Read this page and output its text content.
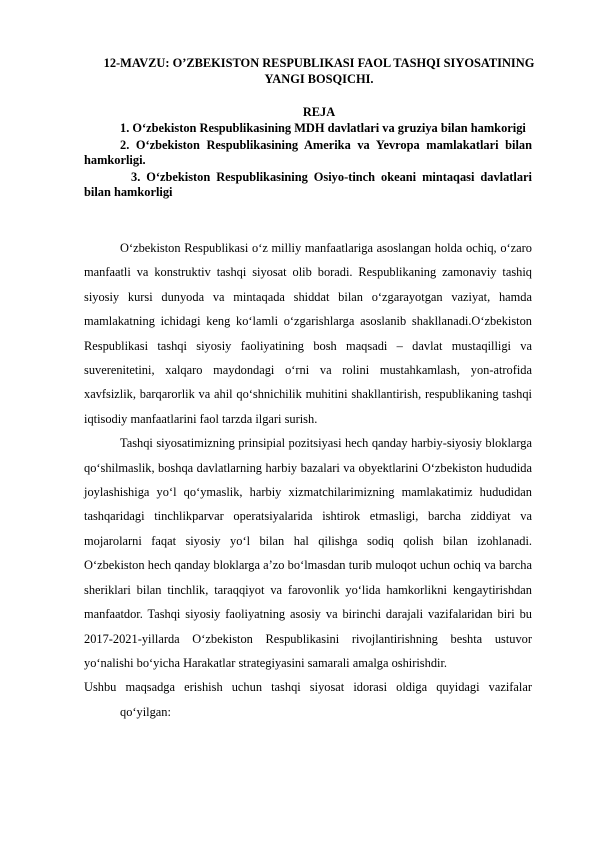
12-MAVZU: O’ZBEKISTON RESPUBLIKASI FAOL TASHQI SIYOSATINING YANGI BOSQICHI.
REJA

1. O‘zbekiston Respublikasining MDH davlatlari va gruziya bilan hamkorigi

2. O‘zbekiston Respublikasining Amerika va Yevropa mamlakatlari bilan hamkorligi.

3. O‘zbekiston Respublikasining Osiyo-tinch okeani mintaqasi davlatlari bilan hamkorligi

O‘zbekiston Respublikasi o‘z milliy manfaatlariga asoslangan holda ochiq, o‘zaro manfaatli va konstruktiv tashqi siyosat olib boradi. Respublikaning zamonaviy tashiq siyosiy kursi dunyoda va mintaqada shiddat bilan o‘zgarayotgan vaziyat, hamda mamlakatning ichidagi keng ko‘lamli o‘zgarishlarga asoslanib shakllanadi.O‘zbekiston Respublikasi tashqi siyosiy faoliyatining bosh maqsadi – davlat mustaqilligi va suverenitetini, xalqaro maydondagi o‘rni va rolini mustahkamlash, yon-atrofida xavfsizlik, barqarorlik va ahil qo‘shnichilik muhitini shakllantirish, respublikaning tashqi iqtisodiy manfaatlarini faol tarzda ilgari surish.

Tashqi siyosatimizning prinsipial pozitsiyasi hech qanday harbiy-siyosiy bloklarga qo‘shilmaslik, boshqa davlatlarning harbiy bazalari va obyektlarini O‘zbekiston hududida joylashishiga yo‘l qo‘ymaslik, harbiy xizmatchilarimizning mamlakatimiz hududidan tashqaridagi tinchlikparvar operatsiyalarida ishtirok etmasligi, barcha ziddiyat va mojarolarni faqat siyosiy yo‘l bilan hal qilishga sodiq qolish bilan izohlanadi. O‘zbekiston hech qanday bloklarga a’zo bo‘lmasdan turib muloqot uchun ochiq va barcha sheriklari bilan tinchlik, taraqqiyot va farovonlik yo‘lida hamkorlikni kengaytirishdan manfaatdor. Tashqi siyosiy faoliyatning asosiy va birinchi darajali vazifalaridan biri bu 2017-2021-yillarda O‘zbekiston Respublikasini rivojlantirishning beshta ustuvor yo‘nalishi bo‘yicha Harakatlar strategiyasini samarali amalga oshirishdir.

Ushbu maqsadga erishish uchun tashqi siyosat idorasi oldiga quyidagi vazifalar

qo‘yilgan:
